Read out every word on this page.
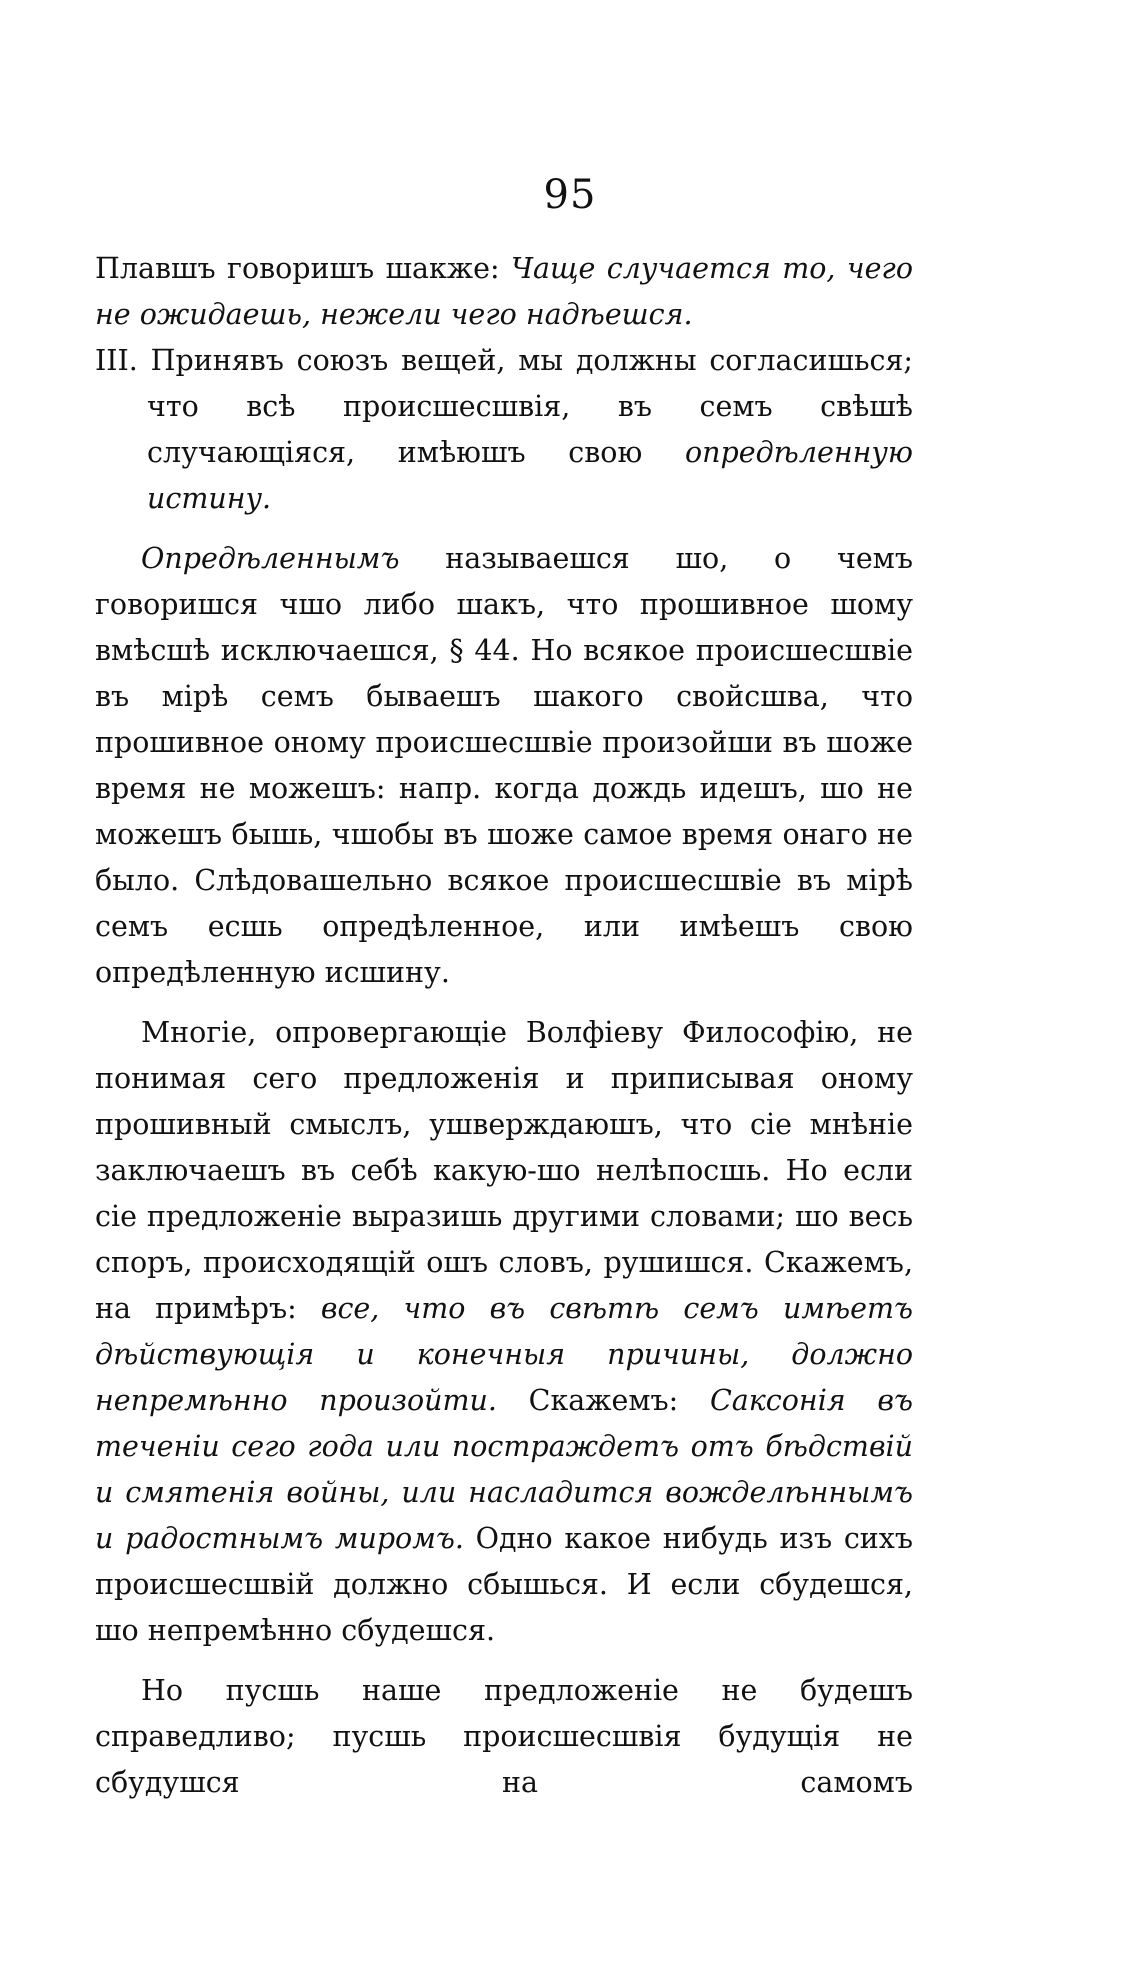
95

Плавшъ говоришъ шакже: Чаще случается то, чего не ожидаешь, нежели чего надѣешся.

III. Принявъ союзъ вещей, мы должны согласишься; что всѣ происшесшвія, въ семъ свѣшѣ случающіяся, имѣюшъ свою опредѣленную истину.

Опредѣленнымъ называешся шо, о чемъ говоришся чшо либо шакъ, что прошивное шому вмѣсшѣ исключаешся, § 44. Но всякое происшесшвіе въ мірѣ семъ бываешъ шакого свойсшва, что прошивное оному происшесшвіе произойши въ шоже время не можешъ: напр. когда дождь идешъ, шо не можешъ бышь, чшобы въ шоже самое время онаго не было. Слѣдовашельно всякое происшесшвіе въ мірѣ семъ есшь опредѣленное, или имѣешъ свою опредѣленную исшину.

Многіе, опровергающіе Волфіеву Философію, не понимая сего предложенія и приписывая оному прошивный смыслъ, ушверждаюшъ, что сіе мнѣніе заключаешъ въ себѣ какую-шо нелѣпосшь. Но если сіе предложеніе выразишь другими словами; шо весь споръ, происходящій ошъ словъ, рушишся. Скажемъ, на примѣръ: все, что въ свѣтѣ семъ имѣетъ дѣйствующія и конечныя причины, должно непремѣнно произойти. Скажемъ: Саксонія въ теченіи сего года или пострaждетъ отъ бѣдствій и смятенія войны, или насладится вожделѣннымъ и радостнымъ миромъ. Одно какое нибудь изъ сихъ происшесшвій должно сбышься. И если сбудешся, шо непремѣнно сбудешся.

Но пусшь наше предложеніе не будешъ справедливо; пусшь происшесшвія будущія не сбудушся на самомъ
